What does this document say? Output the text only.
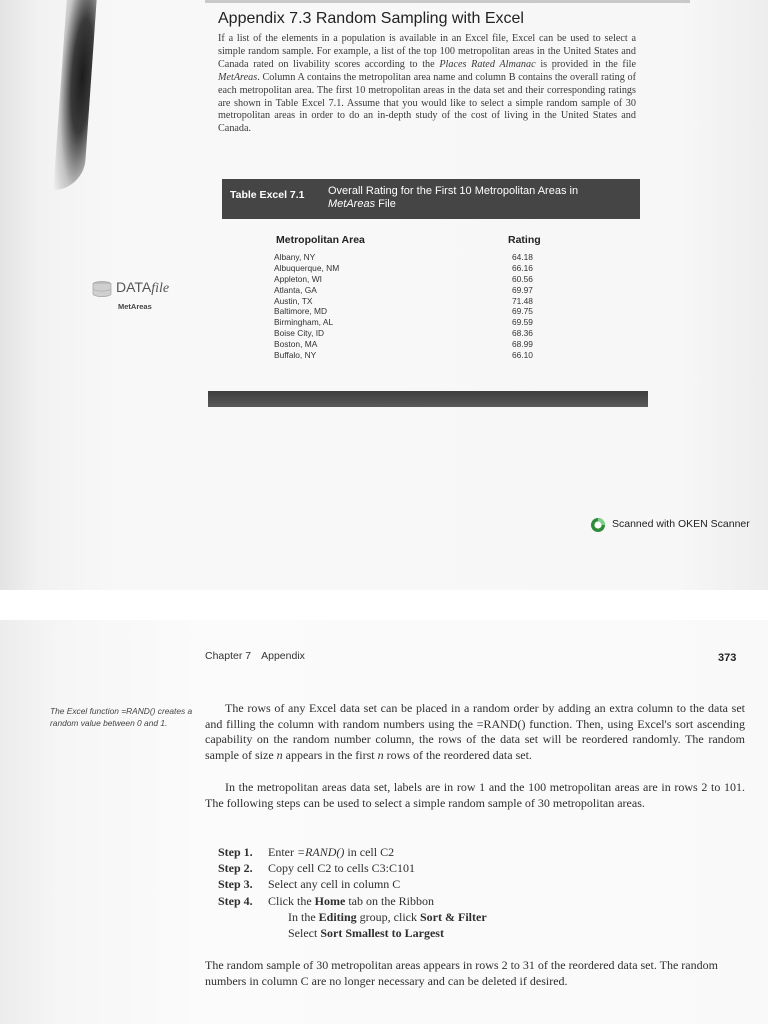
Appendix 7.3 Random Sampling with Excel

If a list of the elements in a population is available in an Excel file, Excel can be used to select a simple random sample. For example, a list of the top 100 metropolitan areas in the United States and Canada rated on livability scores according to the Places Rated Almanac is provided in the file MetAreas. Column A contains the metropolitan area name and column B contains the overall rating of each metropolitan area. The first 10 metropolitan areas in the data set and their corresponding ratings are shown in Table Excel 7.1. Assume that you would like to select a simple random sample of 30 metropolitan areas in order to do an in-depth study of the cost of living in the United States and Canada.

DATAfile
MetAreas
Table Excel 7.1 Overall Rating for the First 10 Metropolitan Areas in MetAreas File
Metropolitan Area	Rating
Albany, NY	64.18
Albuquerque, NM	66.16
Appleton, WI	60.56
Atlanta, GA	69.97
Austin, TX	71.48
Baltimore, MD	69.75
Birmingham, AL	69.59
Boise City, ID	68.36
Boston, MA	68.99
Buffalo, NY	66.10
Scanned with OKEN Scanner
Chapter 7 Appendix	373

The Excel function =RAND() creates a random value between 0 and 1.

The rows of any Excel data set can be placed in a random order by adding an extra column to the data set and filling the column with random numbers using the =RAND() function. Then, using Excel's sort ascending capability on the random number column, the rows of the data set will be reordered randomly. The random sample of size n appears in the first n rows of the reordered data set.

In the metropolitan areas data set, labels are in row 1 and the 100 metropolitan areas are in rows 2 to 101. The following steps can be used to select a simple random sample of 30 metropolitan areas.

Step 1. Enter =RAND() in cell C2
Step 2. Copy cell C2 to cells C3:C101
Step 3. Select any cell in column C
Step 4. Click the Home tab on the Ribbon
In the Editing group, click Sort & Filter
Select Sort Smallest to Largest

The random sample of 30 metropolitan areas appears in rows 2 to 31 of the reordered data set. The random numbers in column C are no longer necessary and can be deleted if desired.
